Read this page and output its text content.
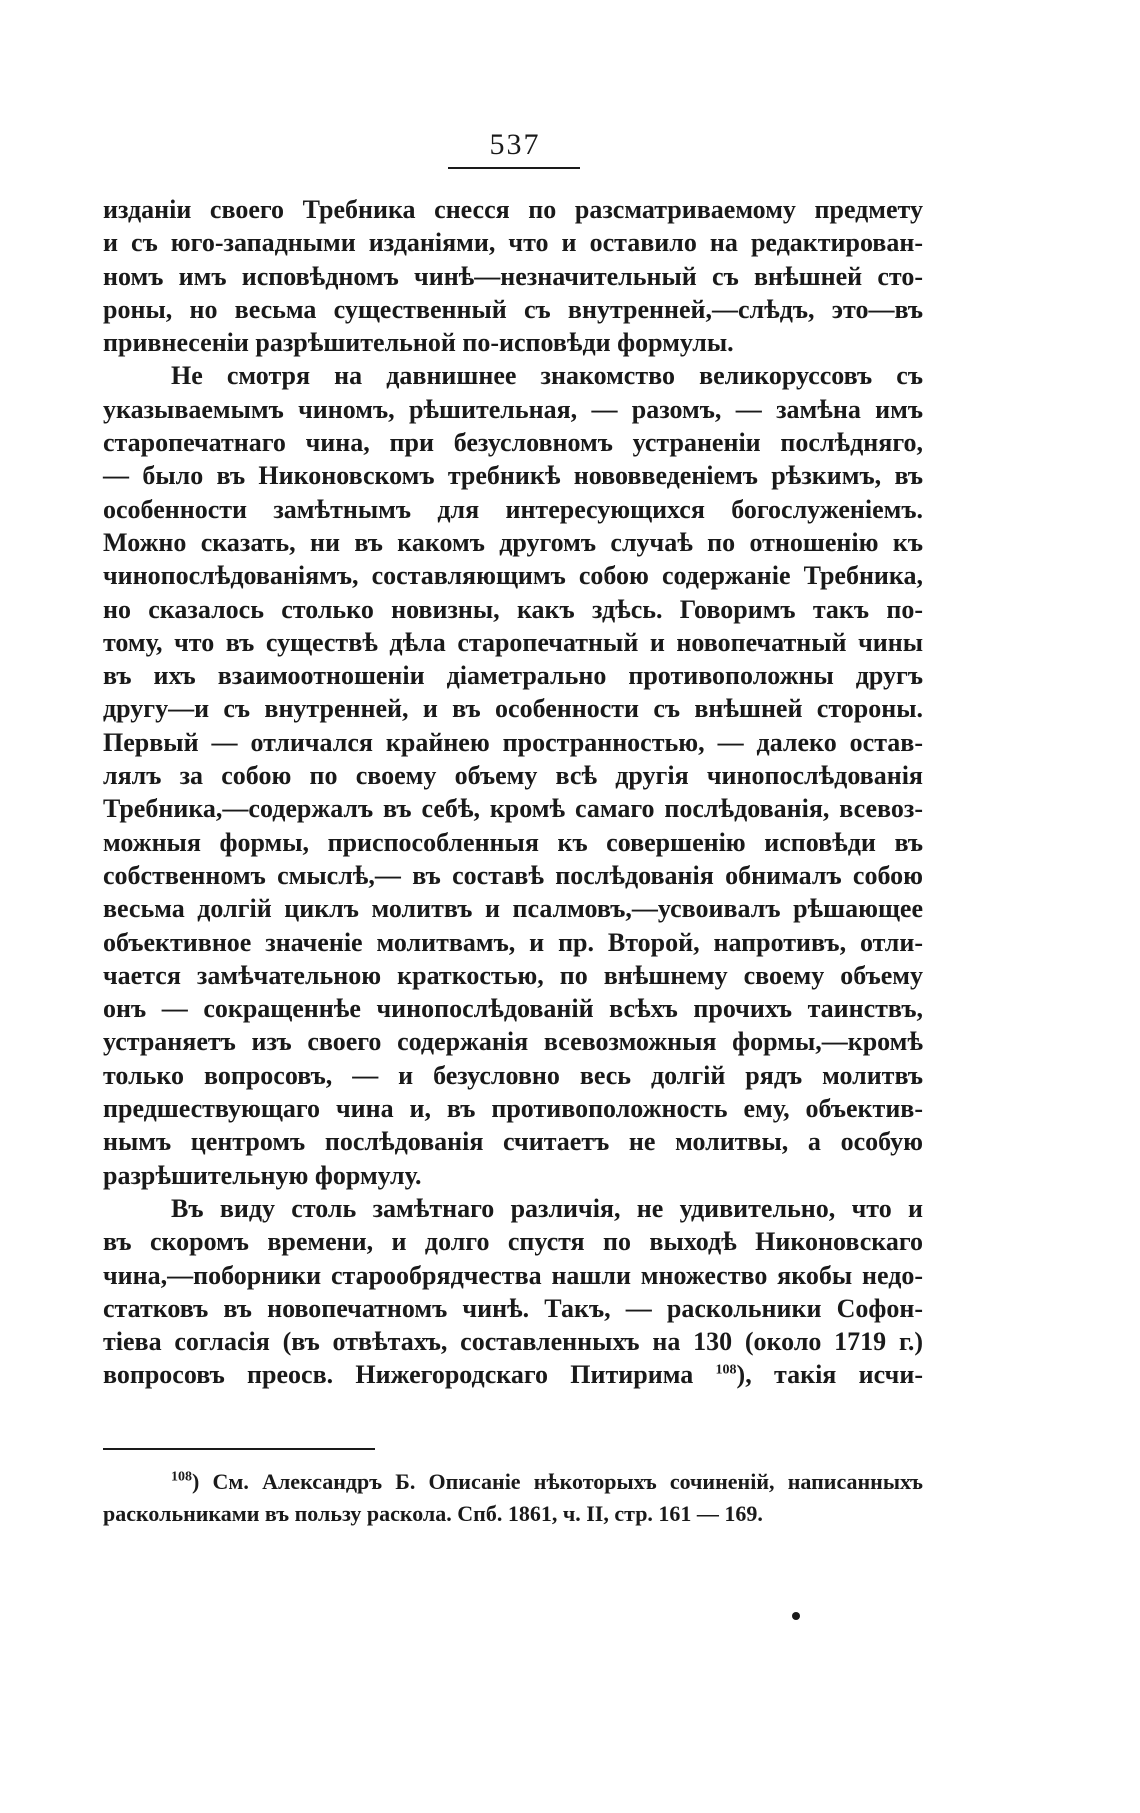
537
изданіи своего Требника снесся по разсматриваемому предмету
и съ юго-западными изданіями, что и оставило на редактирован-
номъ имъ исповѣдномъ чинѣ—незначительный съ внѣшней сто-
роны, но весьма существенный съ внутренней,—слѣдъ, это—въ
привнесеніи разрѣшительной по-исповѣди формулы.
Не смотря на давнишнее знакомство великоруссовъ съ
указываемымъ чиномъ, рѣшительная, — разомъ, — замѣна имъ
старопечатнаго чина, при безусловномъ устраненіи послѣдняго,
— было въ Никоновскомъ требникѣ нововведеніемъ рѣзкимъ, въ
особенности замѣтнымъ для интересующихся богослуженіемъ.
Можно сказать, ни въ какомъ другомъ случаѣ по отношенію къ
чинопослѣдованіямъ, составляющимъ собою содержаніе Требника,
но сказалось столько новизны, какъ здѣсь. Говоримъ такъ по-
тому, что въ существѣ дѣла старопечатный и новопечатный чины
въ ихъ взаимоотношеніи діаметрально противоположны другъ
другу—и съ внутренней, и въ особенности съ внѣшней стороны.
Первый — отличался крайнею пространностью, — далеко остав-
лялъ за собою по своему объему всѣ другія чинопослѣдованія
Требника,—содержалъ въ себѣ, кромѣ самаго послѣдованія, всевоз-
можныя формы, приспособленныя къ совершенію исповѣди въ
собственномъ смыслѣ,— въ составѣ послѣдованія обнималъ собою
весьма долгій циклъ молитвъ и псалмовъ,—усвоивалъ рѣшающее
объективное значеніе молитвамъ, и пр. Второй, напротивъ, отли-
чается замѣчательною краткостью, по внѣшнему своему объему
онъ — сокращеннѣе чинопослѣдованій всѣхъ прочихъ таинствъ,
устраняетъ изъ своего содержанія всевозможныя формы,—кромѣ
только вопросовъ, — и безусловно весь долгій рядъ молитвъ
предшествующаго чина и, въ противоположность ему, объектив-
нымъ центромъ послѣдованія считаетъ не молитвы, а особую
разрѣшительную формулу.
Въ виду столь замѣтнаго различія, не удивительно, что и
въ скоромъ времени, и долго спустя по выходѣ Никоновскаго
чина,—поборники старообрядчества нашли множество якобы недо-
статковъ въ новопечатномъ чинѣ. Такъ, — раскольники Софон-
тіева согласія (въ отвѣтахъ, составленныхъ на 130 (около 1719 г.)
вопросовъ преосв. Нижегородскаго Питирима $^{108}$), такія исчи-
$^{108}$) См. Александръ Б. Описаніе нѣкоторыхъ сочиненій, написанныхъ
раскольниками въ пользу раскола. Спб. 1861, ч. II, стр. 161 — 169.
